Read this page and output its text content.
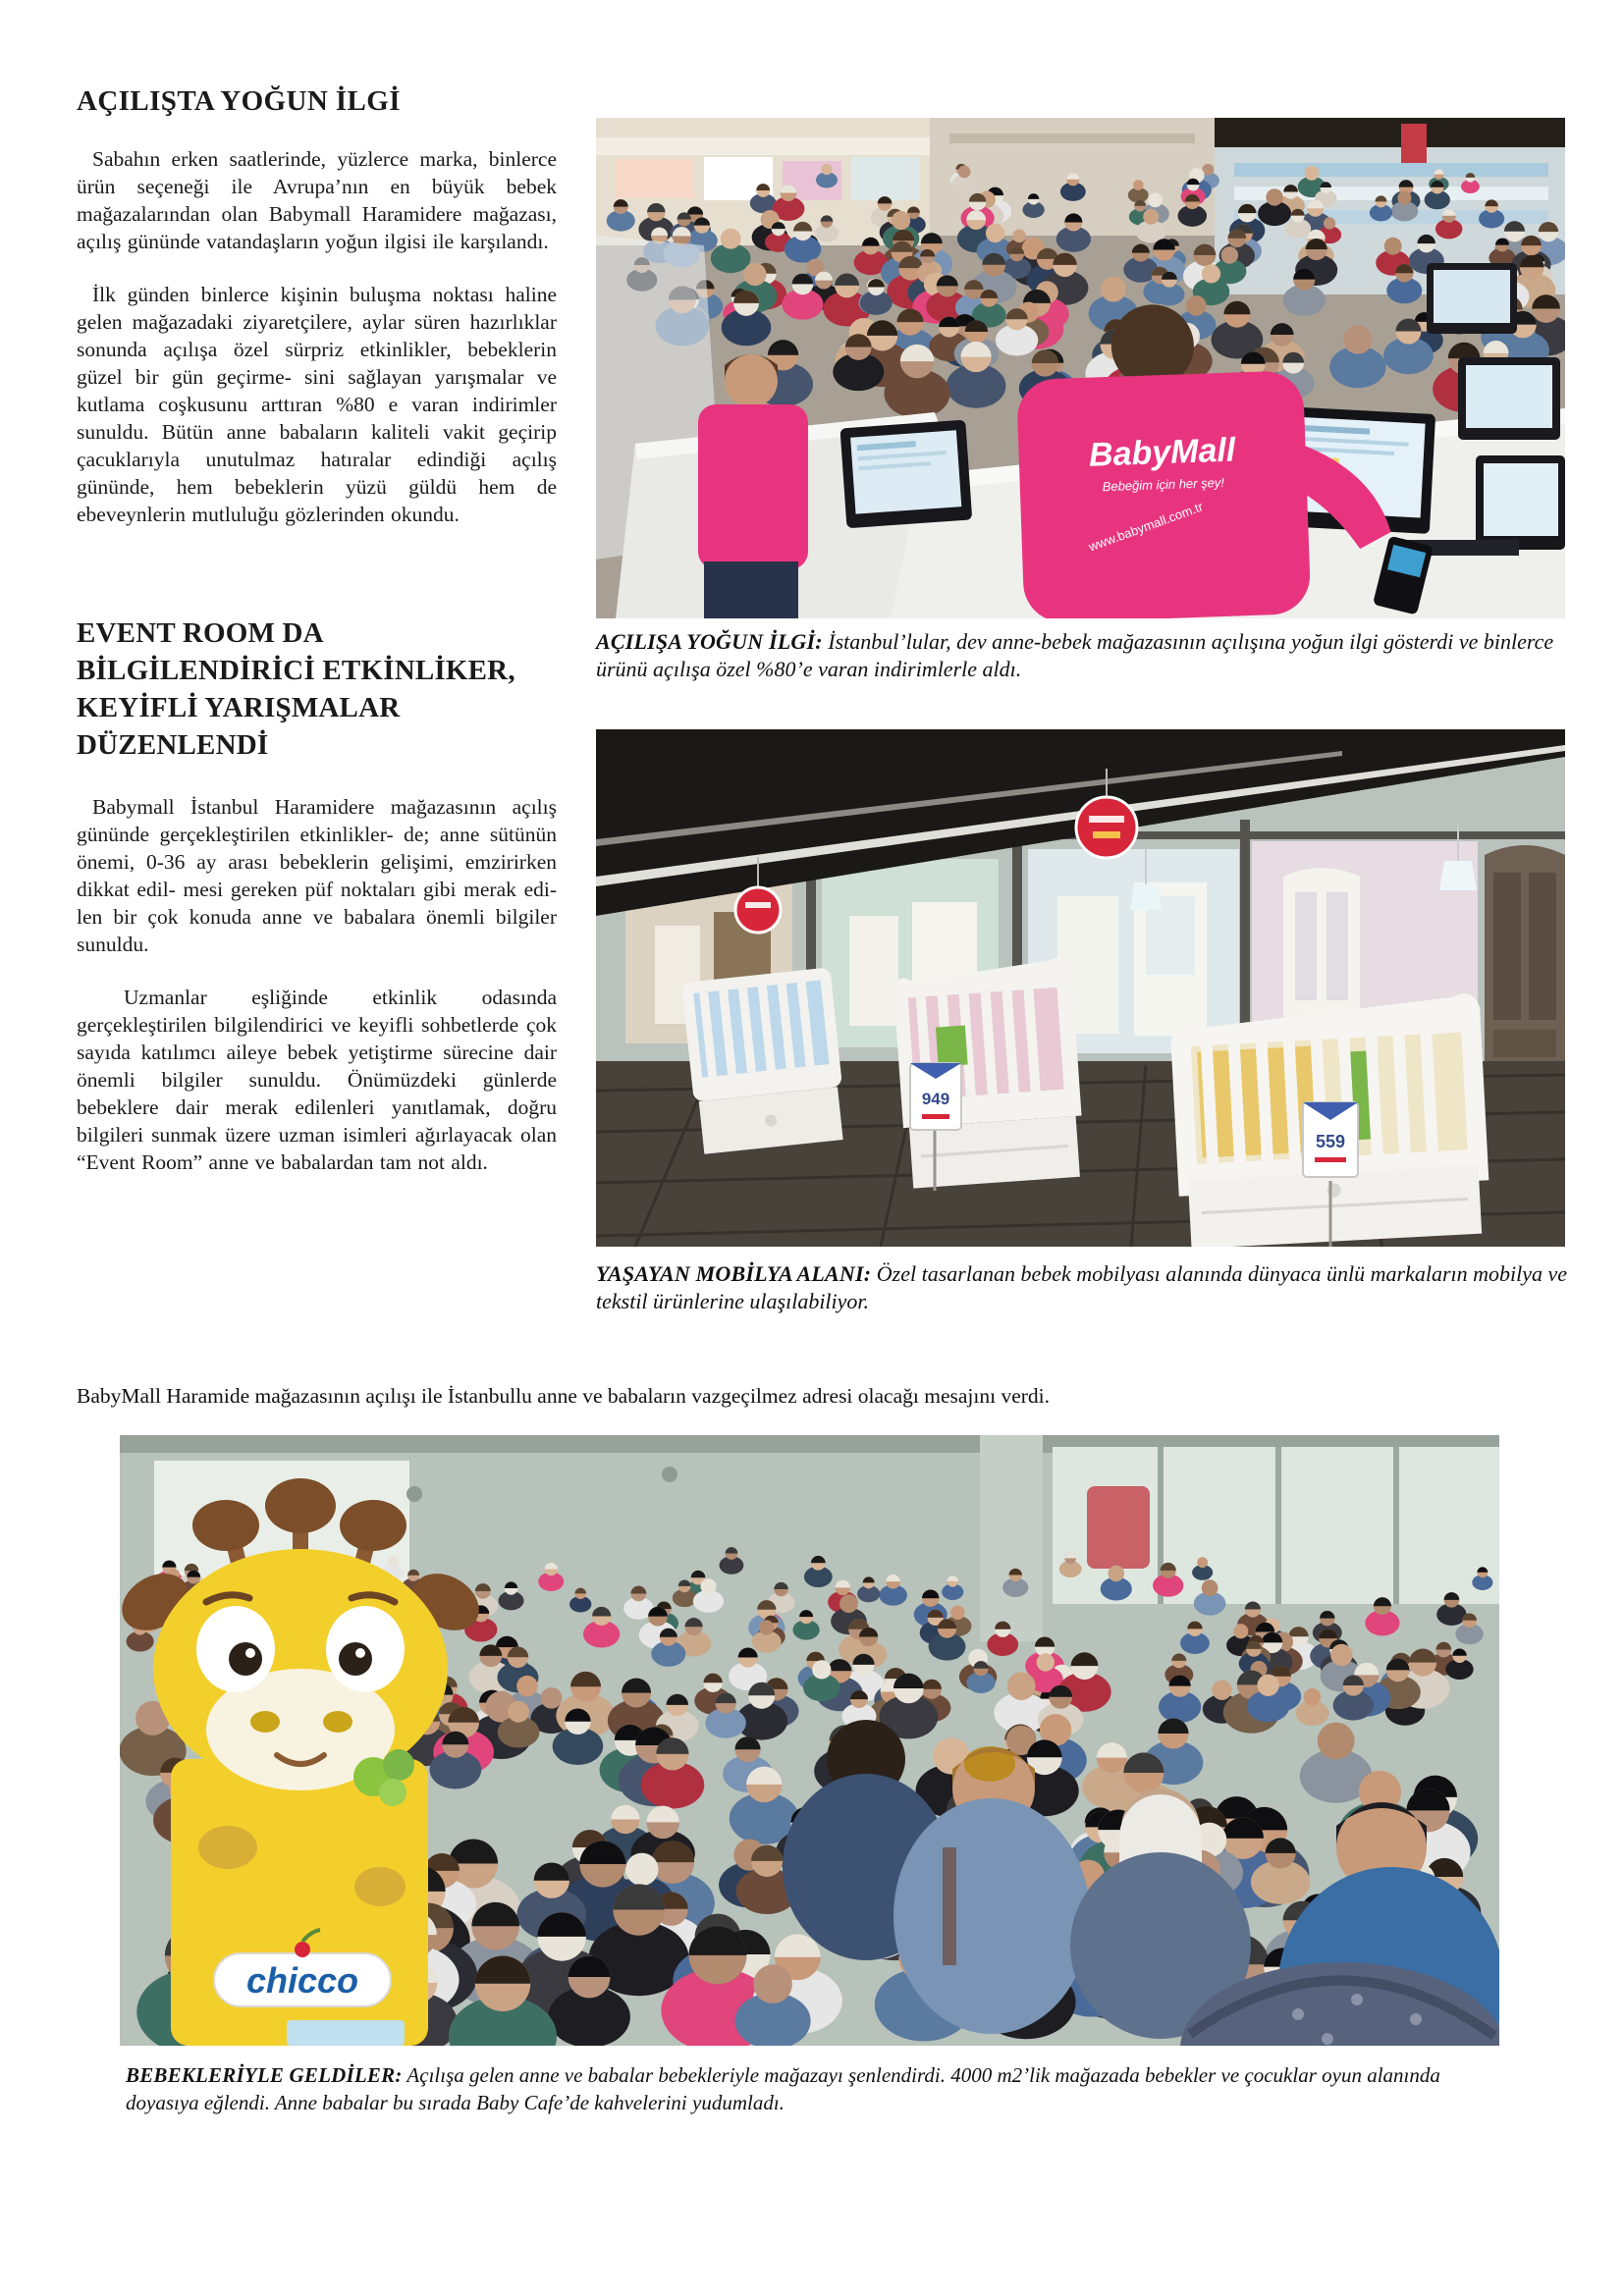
AÇILIŞTA YOĞUN İLGİ

Sabahın erken saatlerinde, yüzlerce marka, binlerce ürün seçeneği ile Avrupa’nın en büyük bebek mağazalarından olan Babymall Haramidere mağazası, açılış gününde vatandaşların yoğun ilgisi ile karşılandı.

İlk günden binlerce kişinin buluşma noktası haline gelen mağazadaki ziyaretçilere, aylar süren hazırlıklar sonunda açılışa özel sürpriz etkinlikler, bebeklerin güzel bir gün geçirme- sini sağlayan yarışmalar ve kutlama coşkusunu arttıran %80 e varan indirimler sunuldu. Bütün anne babaların kaliteli vakit geçirip çacuklarıyla unutulmaz hatıralar edindiği açılış gününde, hem bebeklerin yüzü güldü hem de ebeveynlerin mutluluğu gözlerinden okundu.

EVENT ROOM DA
BİLGİLENDİRİCİ ETKİNLİKER,
KEYİFLİ YARIŞMALAR
DÜZENLENDİ

Babymall İstanbul Haramidere mağazasının açılış gününde gerçekleştirilen etkinlikler- de; anne sütünün önemi, 0-36 ay arası bebeklerin gelişimi, emzirirken dikkat edil- mesi gereken püf noktaları gibi merak edi- len bir çok konuda anne ve babalara önemli bilgiler sunuldu.

Uzmanlar eşliğinde etkinlik odasında gerçekleştirilen bilgilendirici ve keyifli sohbetlerde çok sayıda katılımcı aileye bebek yetiştirme sürecine dair önemli bilgiler sunuldu. Önümüzdeki günlerde bebeklere dair merak edilenleri yanıtlamak, doğru bilgileri sunmak üzere uzman isimleri ağırlayacak olan “Event Room” anne ve babalardan tam not aldı.

BabyMall
Bebeğim için her şey!
www.babymall.com.tr
AÇILIŞA YOĞUN İLGİ: İstanbul’lular, dev anne-bebek mağazasının açılışına yoğun ilgi gösterdi ve binlerce ürünü açılışa özel %80’e varan indirimlerle aldı.
949
559
YAŞAYAN MOBİLYA ALANI: Özel tasarlanan bebek mobilyası alanında dünyaca ünlü markaların mobilya ve tekstil ürünlerine ulaşılabiliyor.
BabyMall Haramide mağazasının açılışı ile İstanbullu anne ve babaların vazgeçilmez adresi olacağı mesajını verdi.
chicco
BEBEKLERİYLE GELDİLER: Açılışa gelen anne ve babalar bebekleriyle mağazayı şenlendirdi. 4000 m2’lik mağazada bebekler ve çocuklar oyun alanında doyasıya eğlendi. Anne babalar bu sırada Baby Cafe’de kahvelerini yudumladı.
